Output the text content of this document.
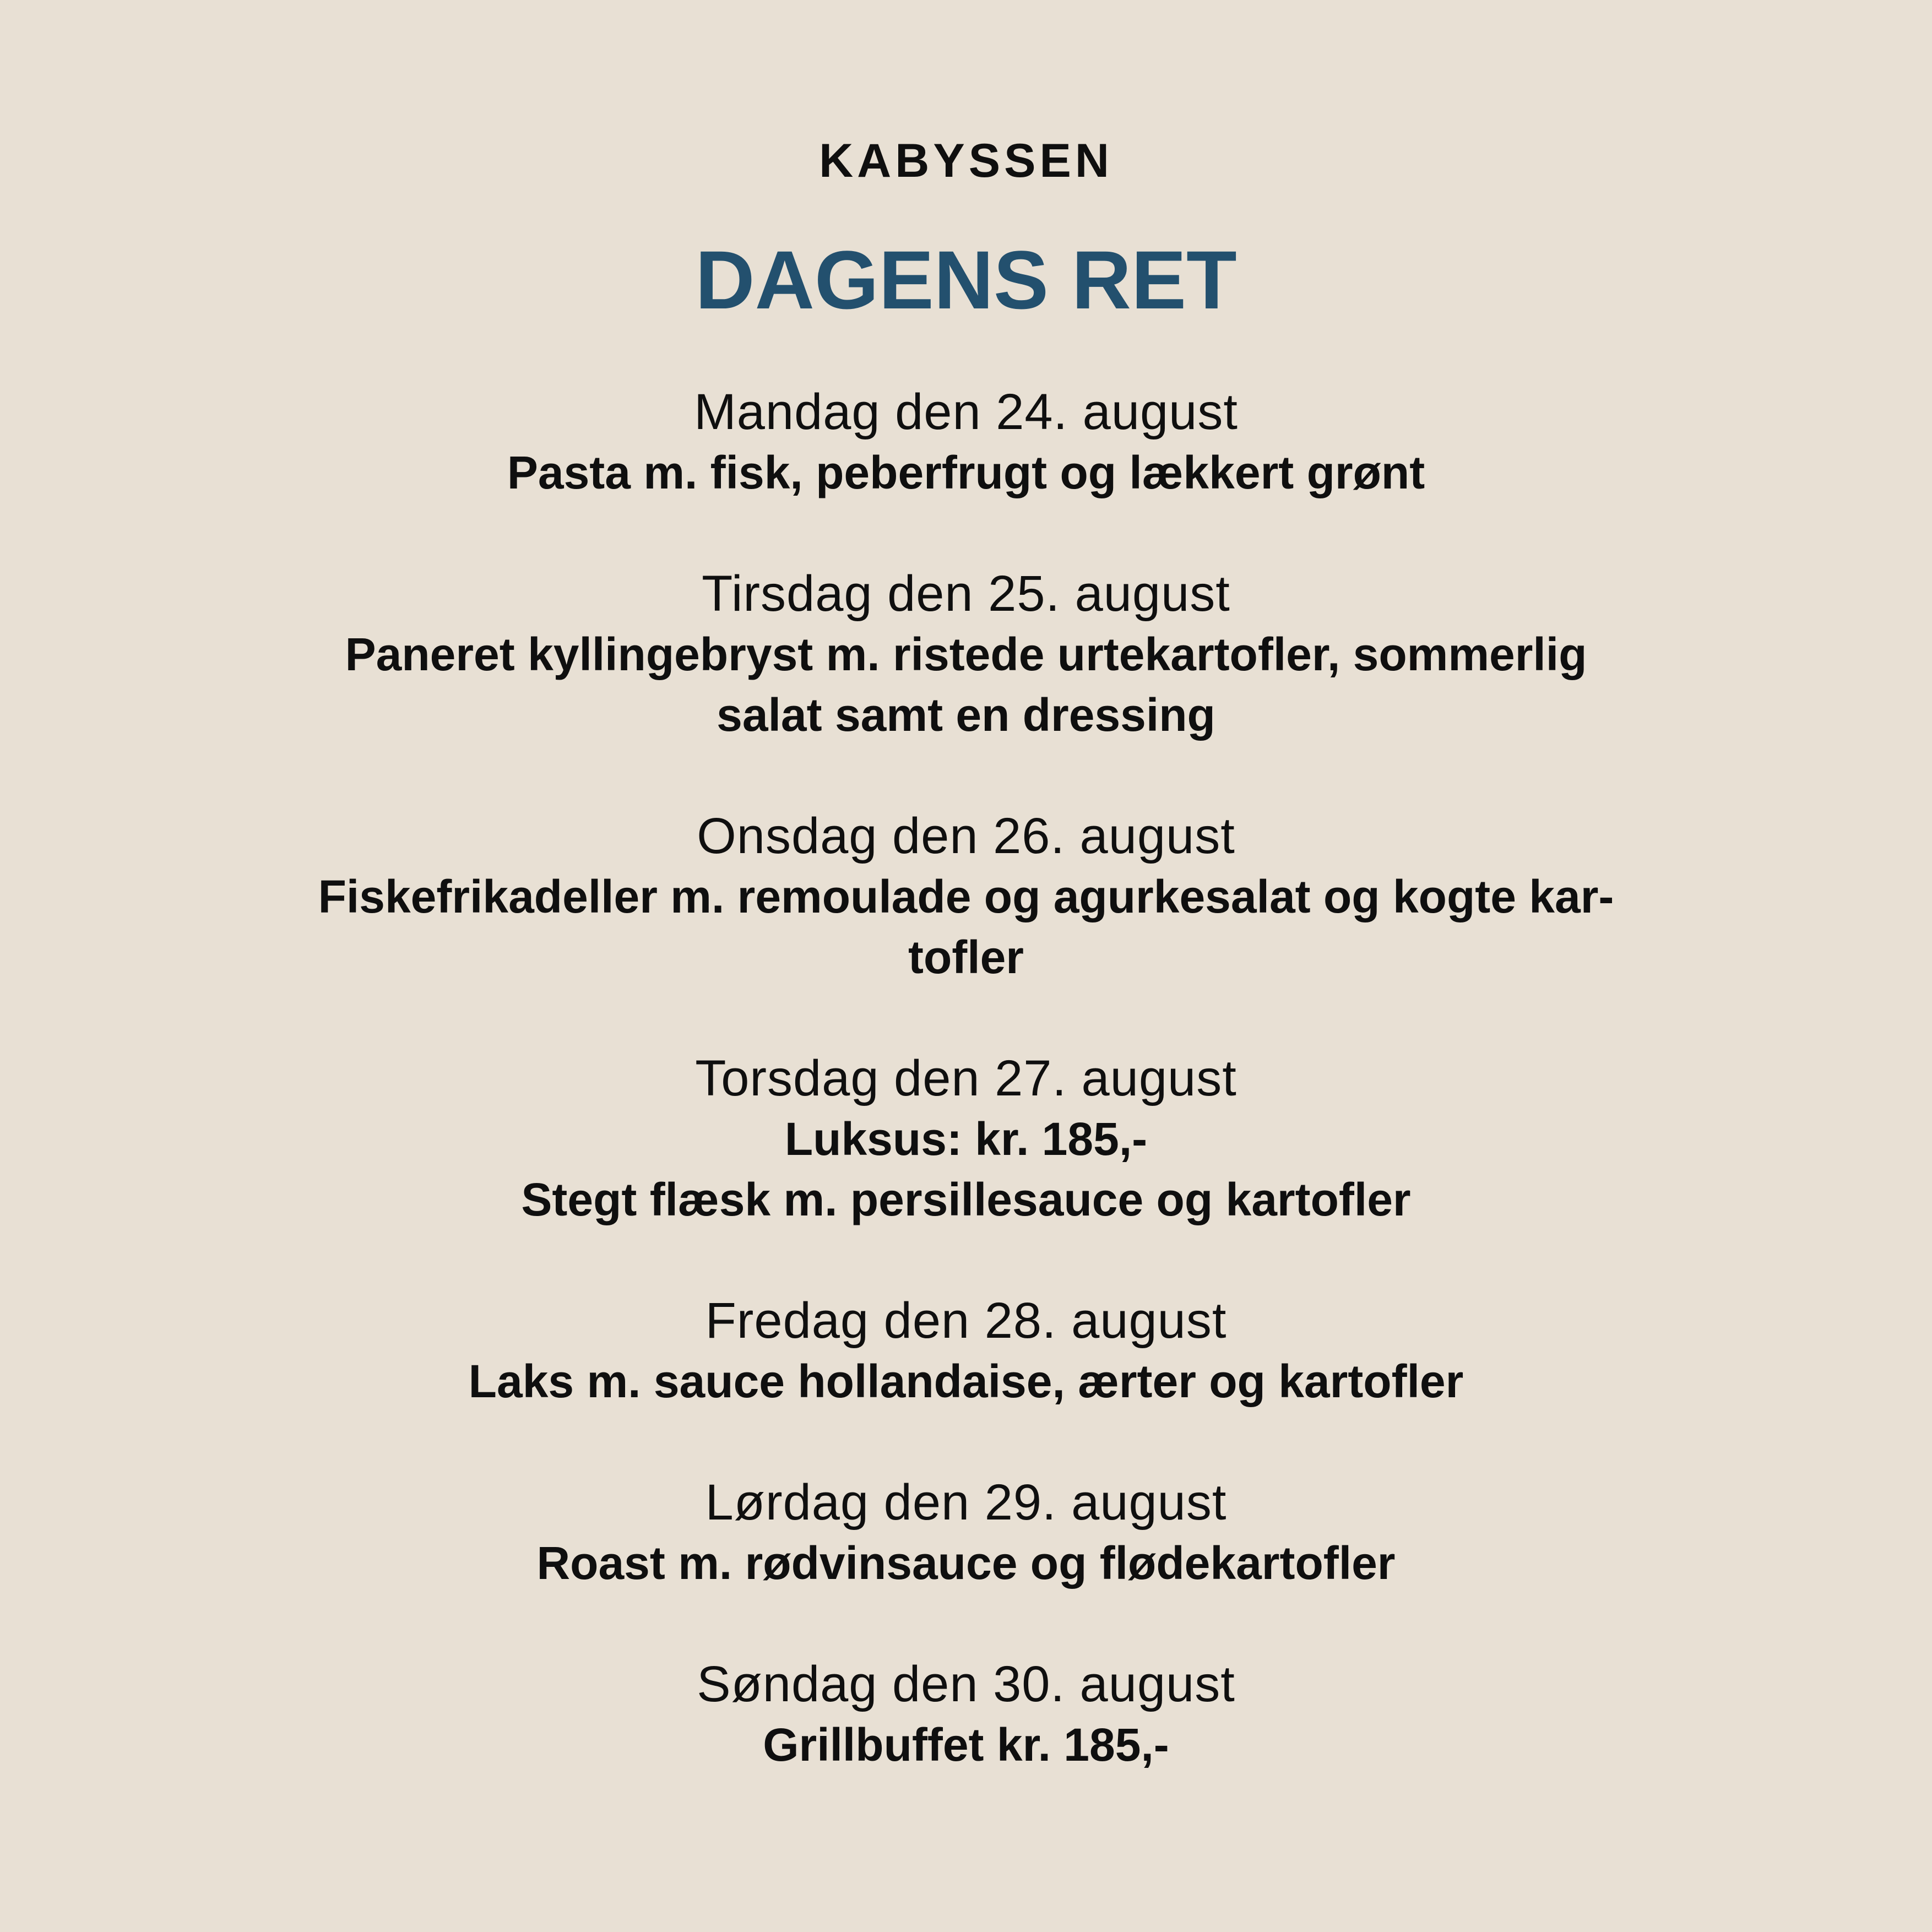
KABYSSEN
DAGENS RET
Mandag den 24. august
Pasta m. fisk, peberfrugt og lækkert grønt
Tirsdag den 25. august
Paneret kyllingebryst m. ristede urtekartofler, sommerlig
salat samt en dressing
Onsdag den 26. august
Fiskefrikadeller m. remoulade og agurkesalat og kogte kar-
tofler
Torsdag den 27. august
Luksus: kr. 185,-
Stegt flæsk m. persillesauce og kartofler
Fredag den 28. august
Laks m. sauce hollandaise, ærter og kartofler
Lørdag den 29. august
Roast m. rødvinsauce og flødekartofler
Søndag den 30. august
Grillbuffet kr. 185,-
